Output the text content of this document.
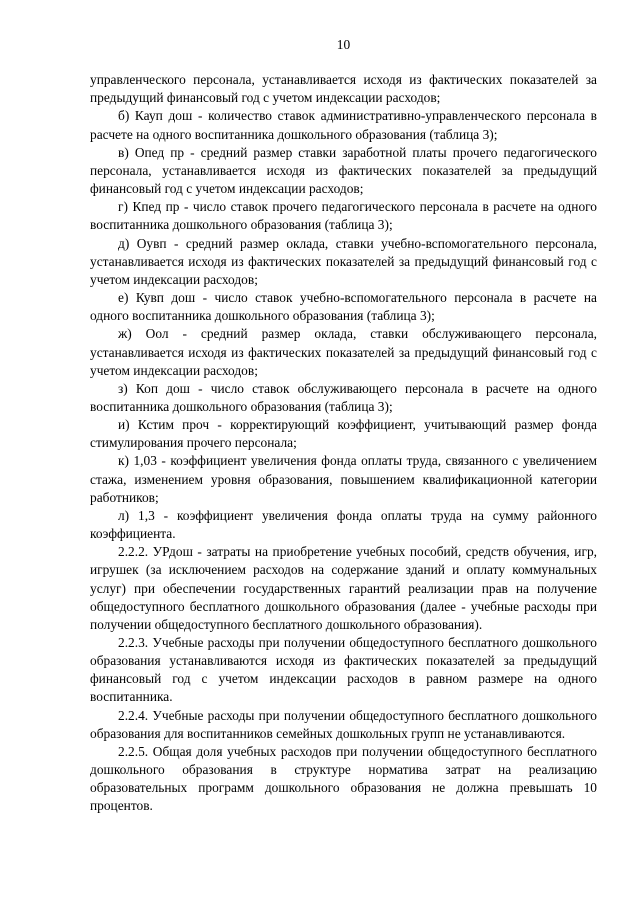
10

управленческого персонала, устанавливается исходя из фактических показателей за предыдущий финансовый год с учетом индексации расходов;

б) Кауп дош - количество ставок административно-управленческого персонала в расчете на одного воспитанника дошкольного образования (таблица 3);

в) Опед пр - средний размер ставки заработной платы прочего педагогического персонала, устанавливается исходя из фактических показателей за предыдущий финансовый год с учетом индексации расходов;

г) Кпед пр - число ставок прочего педагогического персонала в расчете на одного воспитанника дошкольного образования (таблица 3);

д) Оувп - средний размер оклада, ставки учебно-вспомогательного персонала, устанавливается исходя из фактических показателей за предыдущий финансовый год с учетом индексации расходов;

е) Кувп дош - число ставок учебно-вспомогательного персонала в расчете на одного воспитанника дошкольного образования (таблица 3);

ж) Оол - средний размер оклада, ставки обслуживающего персонала, устанавливается исходя из фактических показателей за предыдущий финансовый год с учетом индексации расходов;

з) Коп дош - число ставок обслуживающего персонала в расчете на одного воспитанника дошкольного образования (таблица 3);

и) Кстим проч - корректирующий коэффициент, учитывающий размер фонда стимулирования прочего персонала;

к) 1,03 - коэффициент увеличения фонда оплаты труда, связанного с увеличением стажа, изменением уровня образования, повышением квалификационной категории работников;

л) 1,3 - коэффициент увеличения фонда оплаты труда на сумму районного коэффициента.

2.2.2. УРдош - затраты на приобретение учебных пособий, средств обучения, игр, игрушек (за исключением расходов на содержание зданий и оплату коммунальных услуг) при обеспечении государственных гарантий реализации прав на получение общедоступного бесплатного дошкольного образования (далее - учебные расходы при получении общедоступного бесплатного дошкольного образования).

2.2.3. Учебные расходы при получении общедоступного бесплатного дошкольного образования устанавливаются исходя из фактических показателей за предыдущий финансовый год с учетом индексации расходов в равном размере на одного воспитанника.

2.2.4. Учебные расходы при получении общедоступного бесплатного дошкольного образования для воспитанников семейных дошкольных групп не устанавливаются.

2.2.5. Общая доля учебных расходов при получении общедоступного бесплатного дошкольного образования в структуре норматива затрат на реализацию образовательных программ дошкольного образования не должна превышать 10 процентов.
